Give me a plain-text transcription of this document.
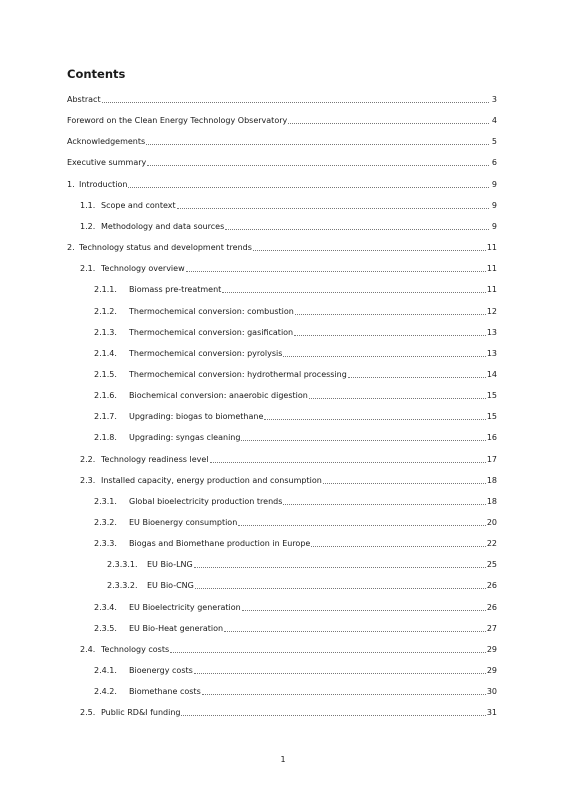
Contents
Abstract	3
Foreword on the Clean Energy Technology Observatory	4
Acknowledgements	5
Executive summary	6
1. Introduction	9
1.1. Scope and context	9
1.2. Methodology and data sources	9
2. Technology status and development trends	11
2.1. Technology overview	11
2.1.1.	Biomass pre-treatment	11
2.1.2.	Thermochemical conversion: combustion	12
2.1.3.	Thermochemical conversion: gasification	13
2.1.4.	Thermochemical conversion: pyrolysis	13
2.1.5.	Thermochemical conversion: hydrothermal processing	14
2.1.6.	Biochemical conversion: anaerobic digestion	15
2.1.7.	Upgrading: biogas to biomethane	15
2.1.8.	Upgrading: syngas cleaning	16
2.2. Technology readiness level	17
2.3. Installed capacity, energy production and consumption	18
2.3.1.	Global bioelectricity production trends	18
2.3.2.	EU Bioenergy consumption	20
2.3.3.	Biogas and Biomethane production in Europe	22
2.3.3.1.	EU Bio-LNG	25
2.3.3.2.	EU Bio-CNG	26
2.3.4.	EU Bioelectricity generation	26
2.3.5.	EU Bio-Heat generation	27
2.4. Technology costs	29
2.4.1.	Bioenergy costs	29
2.4.2.	Biomethane costs	30
2.5. Public RD&I funding	31
1
